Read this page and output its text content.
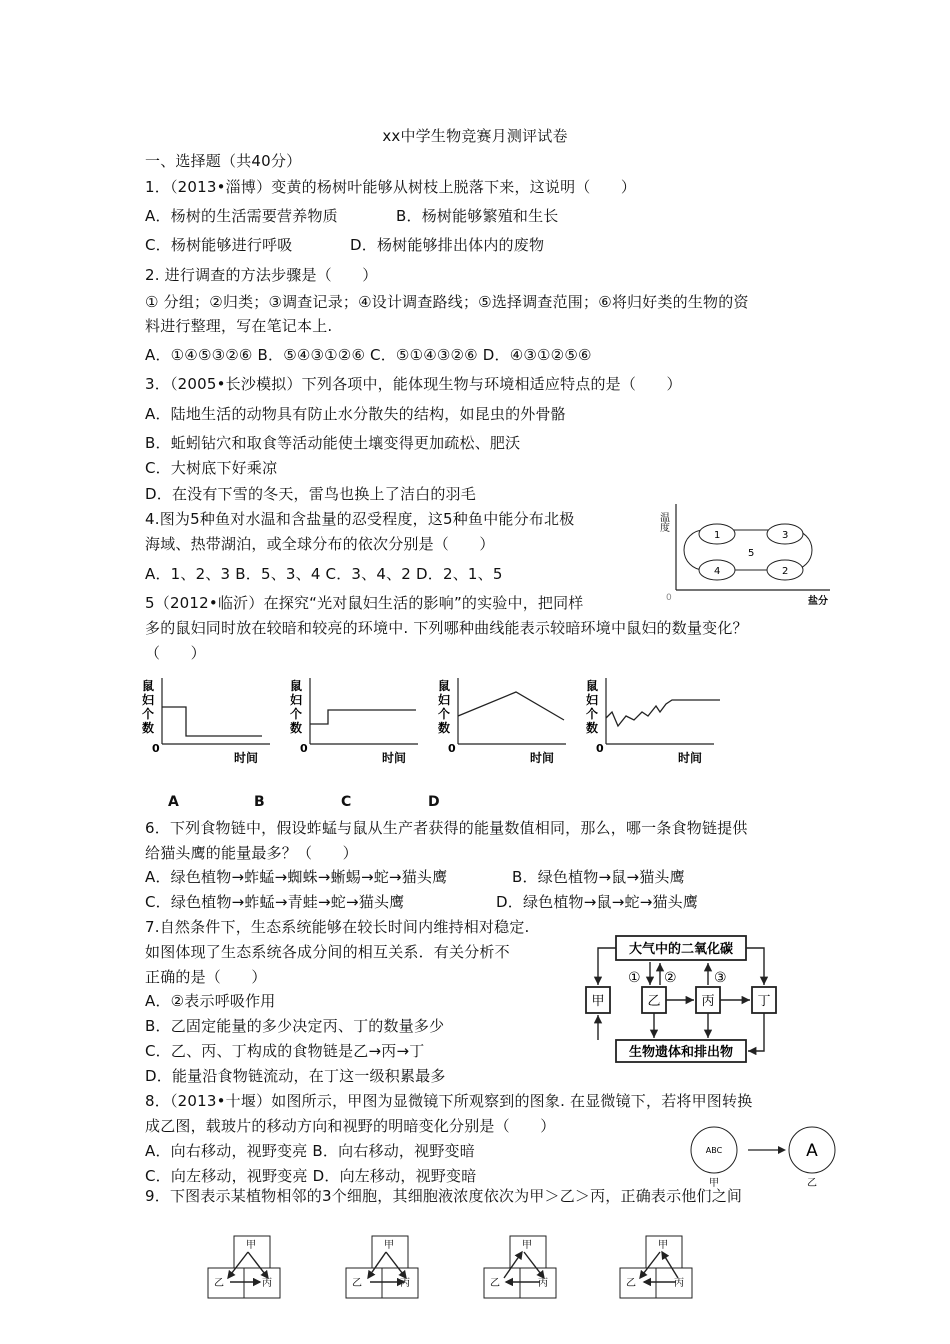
xx中学生物竞赛月测评试卷
一、选择题（共40分）
1．（2013•淄博）变黄的杨树叶能够从树枝上脱落下来，这说明（　　）
A．杨树的生活需要营养物质	B．杨树能够繁殖和生长
C．杨树能够进行呼吸	D．杨树能够排出体内的废物
2. 进行调查的方法步骤是（　　）
① 分组；②归类；③调查记录；④设计调查路线；⑤选择调查范围；⑥将归好类的生物的资
料进行整理，写在笔记本上.
A．①④⑤③②⑥ B．⑤④③①②⑥ C．⑤①④③②⑥ D．④③①②⑤⑥
3．（2005•长沙模拟）下列各项中，能体现生物与环境相适应特点的是（　　）
A．陆地生活的动物具有防止水分散失的结构，如昆虫的外骨骼
B．蚯蚓钻穴和取食等活动能使土壤变得更加疏松、肥沃
C．大树底下好乘凉
D．在没有下雪的冬天，雷鸟也换上了洁白的羽毛
4.图为5种鱼对水温和含盐量的忍受程度，这5种鱼中能分布北极
海域、热带湖泊，或全球分布的依次分别是（　　）
A．1、2、3 B．5、3、4 C．3、4、2 D．2、1、5
温度
盐分
0
1	3
4	2
5
5（2012•临沂）在探究“光对鼠妇生活的影响”的实验中，把同样
多的鼠妇同时放在较暗和较亮的环境中. 下列哪种曲线能表示较暗环境中鼠妇的数量变化？
（　　）
鼠
妇
个
数
0
时间
鼠
妇
个
数
0
时间
鼠
妇
个
数
0
时间
鼠
妇
个
数
0
时间
A	B	C	D
6．下列食物链中，假设蚱蜢与鼠从生产者获得的能量数值相同，那么，哪一条食物链提供
给猫头鹰的能量最多？（　　）
A．绿色植物→蚱蜢→蜘蛛→蜥蜴→蛇→猫头鹰	B．绿色植物→鼠→猫头鹰
C．绿色植物→蚱蜢→青蛙→蛇→猫头鹰	D．绿色植物→鼠→蛇→猫头鹰
7.自然条件下，生态系统能够在较长时间内维持相对稳定.
如图体现了生态系统各成分间的相互关系．有关分析不
正确的是（　　）
A．②表示呼吸作用
B．乙固定能量的多少决定丙、丁的数量多少
C．乙、丙、丁构成的食物链是乙→丙→丁
D．能量沿食物链流动，在丁这一级积累最多
大气中的二氧化碳
甲	乙	丙	丁
生物遗体和排出物
① ②	③
8．（2013•十堰）如图所示，甲图为显微镜下所观察到的图象. 在显微镜下，若将甲图转换
成乙图，载玻片的移动方向和视野的明暗变化分别是（　　）
A．向右移动，视野变亮 B．向右移动，视野变暗
C．向左移动，视野变亮 D．向左移动，视野变暗
ABC
甲
A
乙
9．下图表示某植物相邻的3个细胞，其细胞液浓度依次为甲＞乙＞丙，正确表示他们之间
甲
乙	丙
甲
乙	丙
甲
乙	丙
甲
乙	丙
